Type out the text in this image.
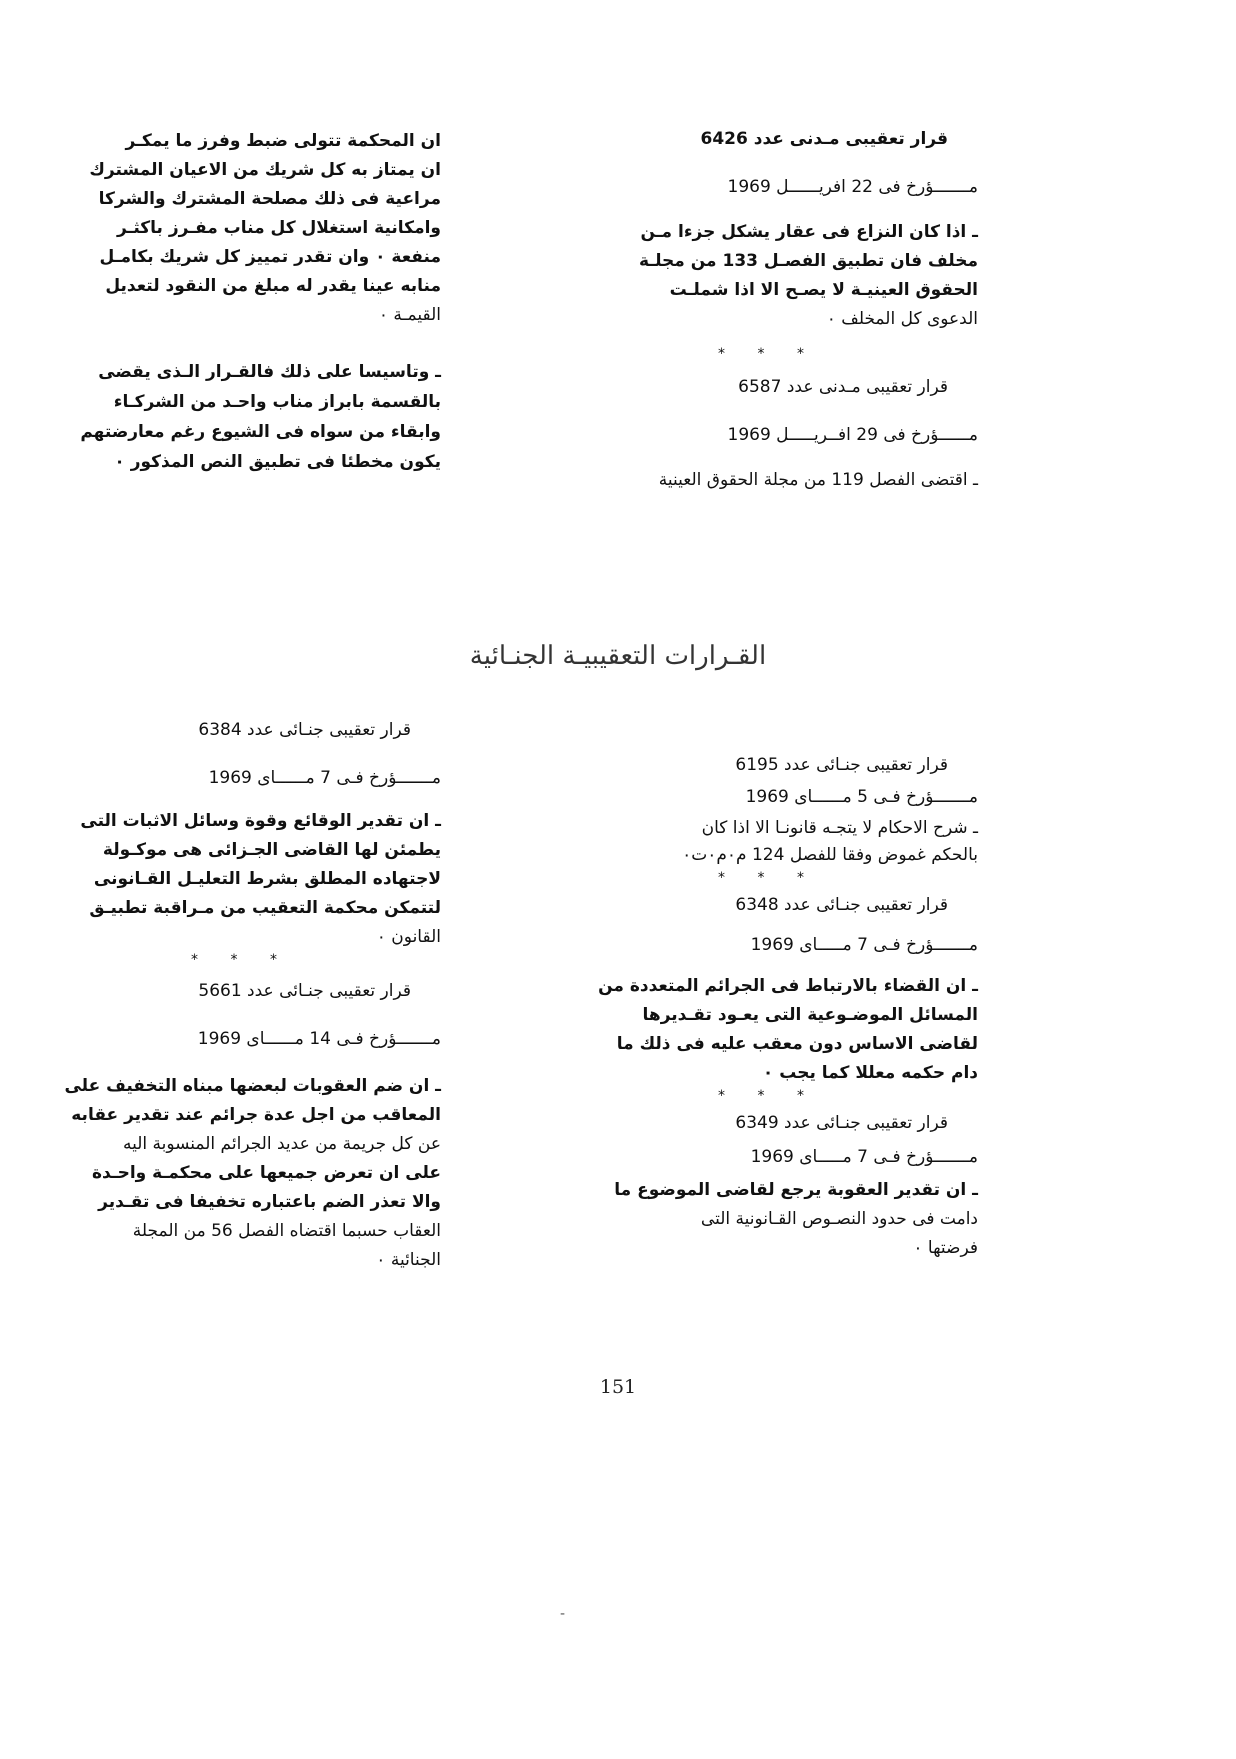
قرار تعقيبى مـدنى عدد 6426

مـــــــؤرخ فى 22 افريــــــل 1969

ـ اذا كان النزاع فى عقار يشكل جزءا مـن

مخلف فان تطبيق الفصـل 133 من مجلـة

الحقوق العينيـة لا يصـح الا اذا شملـت

الدعوى كل المخلف ٠

* * *

قرار تعقيبى مـدنى عدد 6587

مــــــؤرخ فى 29 افــريـــــل 1969

ـ اقتضى الفصل 119 من مجلة الحقوق العينية

ان المحكمة تتولى ضبط وفرز ما يمكـر

ان يمتاز به كل شريك من الاعيان المشترك

مراعية فى ذلك مصلحة المشترك والشركا

وامكانية استغلال كل مناب مفـرز باكثـر

منفعة ٠ وان تقدر تمييز كل شريك بكامـل

منابه عينا يقدر له مبلغ من النقود لتعديل

القيمـة ٠

ـ وتاسيسا على ذلك فالقـرار الـذى يقضى

بالقسمة بابراز مناب واحـد من الشركـاء

وابقاء من سواه فى الشيوع رغم معارضتهم

يكون مخطئا فى تطبيق النص المذكور ٠

القـرارات التعقيبيـة الجنـائية

قرار تعقيبى جنـائى عدد 6195

مـــــــؤرخ فـى 5 مــــــاى 1969

ـ شرح الاحكام لا يتجـه قانونـا الا اذا كان

بالحكم غموض وفقا للفصل 124 م٠م٠ت٠

* * *

قرار تعقيبى جنـائى عدد 6348

مـــــــؤرخ فـى 7 مـــــاى 1969

ـ ان القضاء بالارتباط فى الجرائم المتعددة من

المسائل الموضـوعية التى يعـود تقـديرها

لقاضى الاساس دون معقب عليه فى ذلك ما

دام حكمه معللا كما يجب ٠

* * *

قرار تعقيبى جنـائى عدد 6349

مـــــــؤرخ فـى 7 مـــــاى 1969

ـ ان تقدير العقوبة يرجع لقاضى الموضوع ما

دامت فى حدود النصـوص القـانونية التى

فرضتها ٠

قرار تعقيبى جنـائى عدد 6384

مـــــــؤرخ فـى 7 مــــــاى 1969

ـ ان تقدير الوقائع وقوة وسائل الاثبات التى

يطمئن لها القاضى الجـزائى هى موكـولة

لاجتهاده المطلق بشرط التعليـل القـانونى

لتتمكن محكمة التعقيب من مـراقبة تطبيـق

القانون ٠

* * *

قرار تعقيبى جنـائى عدد 5661

مـــــــؤرخ فـى 14 مــــــاى 1969

ـ ان ضم العقوبات لبعضها مبناه التخفيف على

المعاقب من اجل عدة جرائم عند تقدير عقابه

عن كل جريمة من عديد الجرائم المنسوبة اليه

على ان تعرض جميعها على محكمـة واحـدة

والا تعذر الضم باعتباره تخفيفا فى تقـدير

العقاب حسبما اقتضاه الفصل 56 من المجلة

الجنائية ٠

151
-
